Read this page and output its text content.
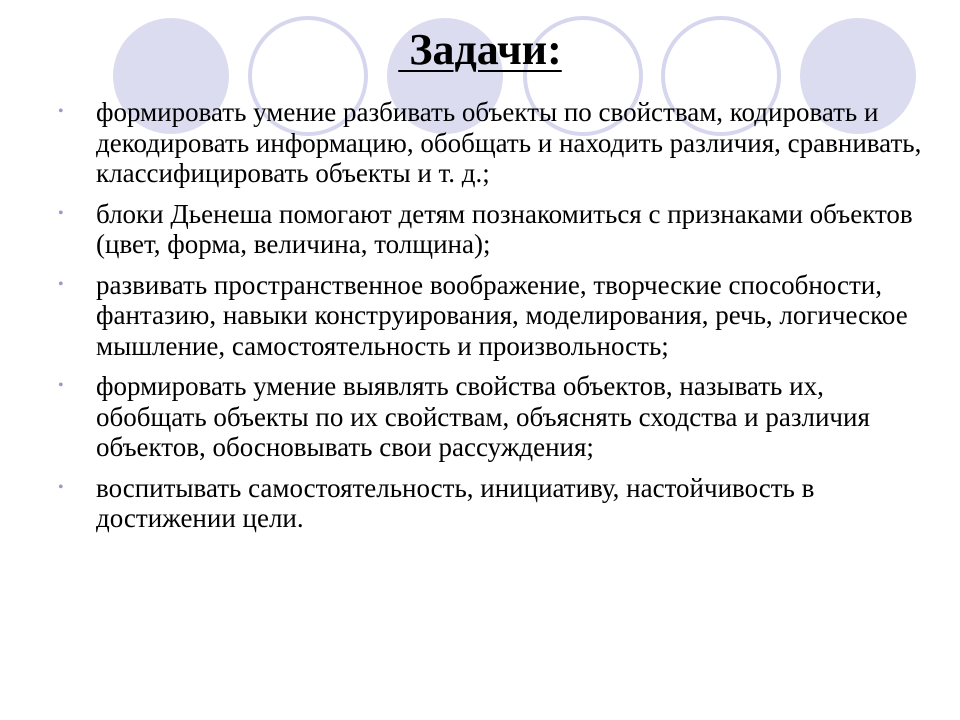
Задачи:
• формировать умение разбивать объекты по свойствам, кодировать и декодировать информацию, обобщать и находить различия, сравнивать, классифицировать объекты и т. д.;
• блоки Дьенеша помогают детям познакомиться с признаками объектов (цвет, форма, величина, толщина);
• развивать пространственное воображение, творческие способности, фантазию, навыки конструирования, моделирования, речь, логическое мышление, самостоятельность и произвольность;
• формировать умение выявлять свойства объектов, называть их, обобщать объекты по их свойствам, объяснять сходства и различия объектов, обосновывать свои рассуждения;
• воспитывать самостоятельность, инициативу, настойчивость в достижении цели.
